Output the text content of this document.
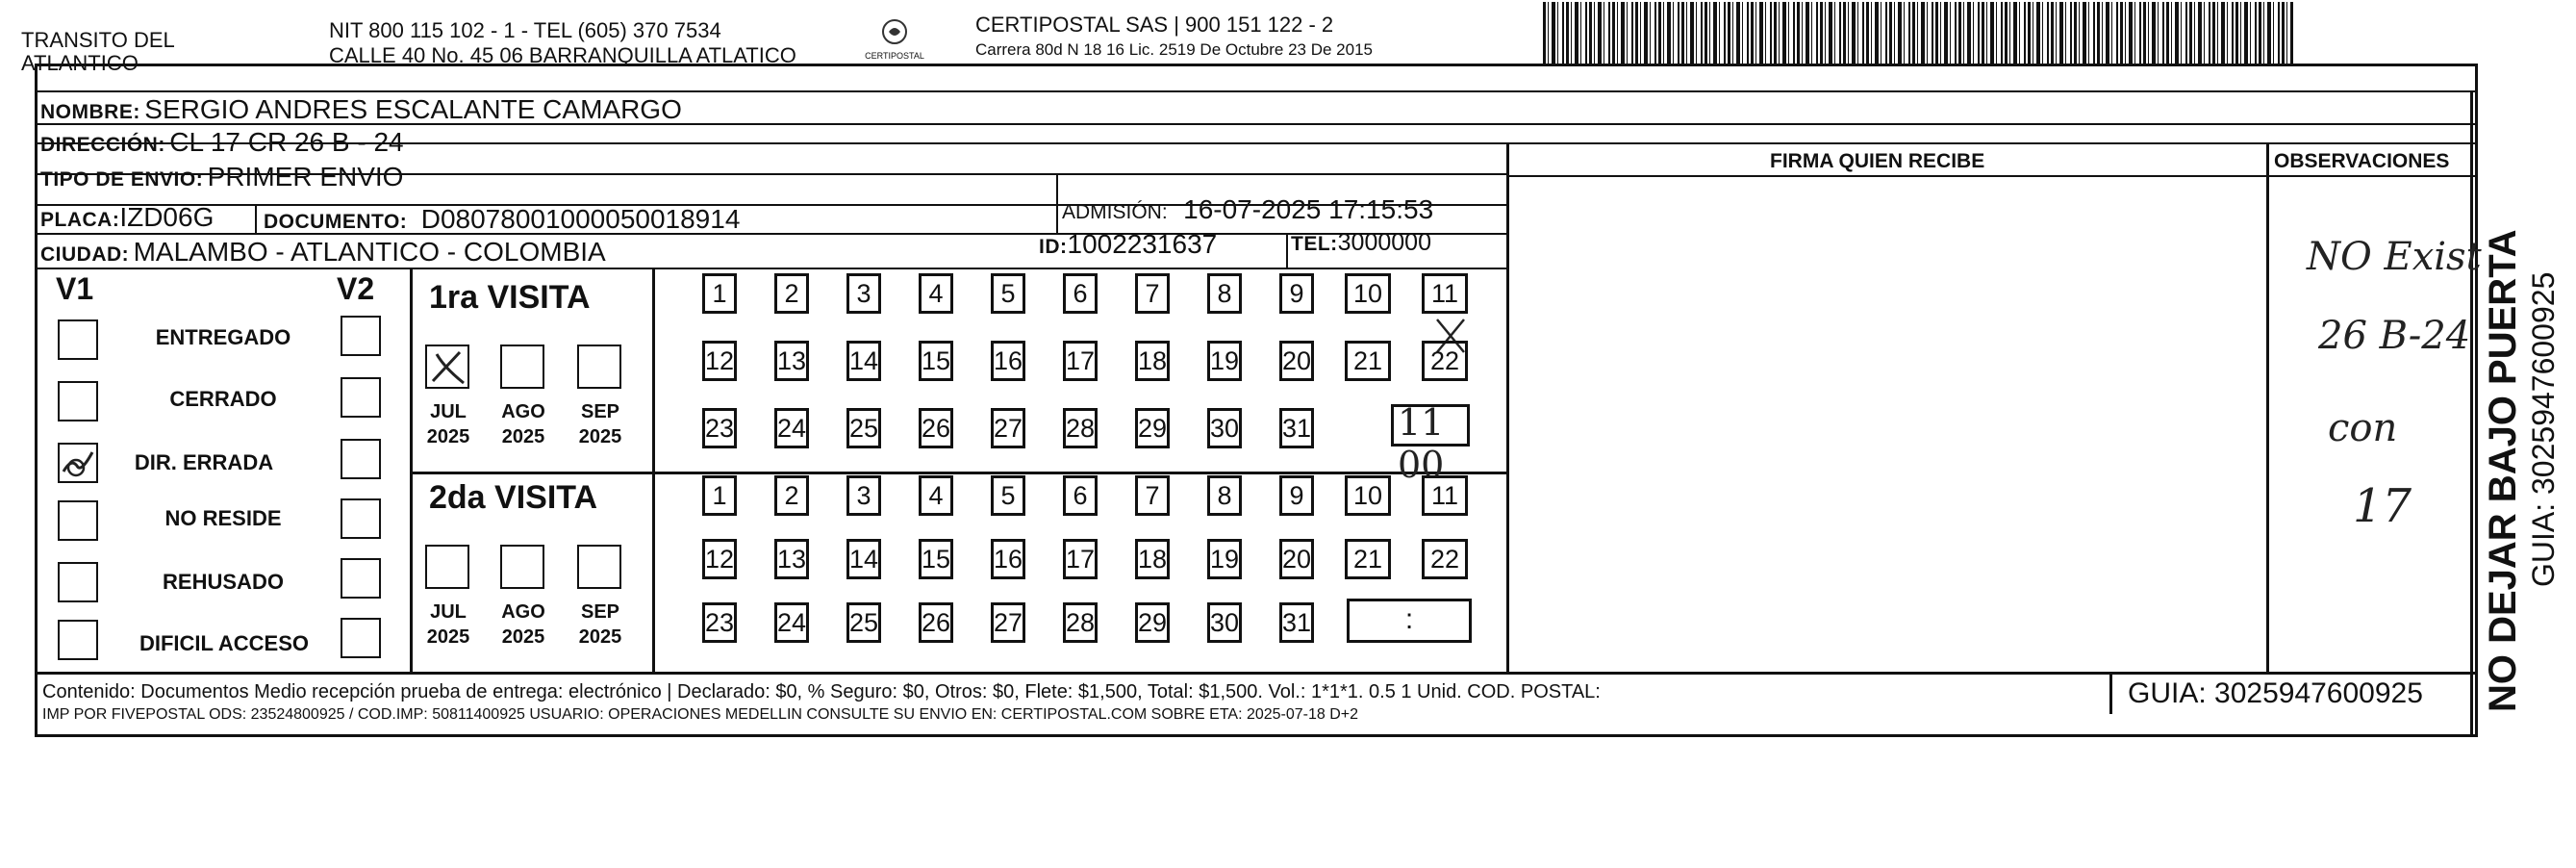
TRANSITO DEL
ATLANTICO
NIT 800 115 102 - 1 - TEL (605) 370 7534
CALLE 40 No. 45 06 BARRANQUILLA ATLATICO	CERTIPOSTAL
CERTIPOSTAL SAS | 900 151 122 - 2
Carrera 80d N 18 16 Lic. 2519 De Octubre 23 De 2015
NOMBRE: SERGIO ANDRES ESCALANTE CAMARGO
DIRECCIÓN: CL 17 CR 26 B - 24
TIPO DE ENVIO: PRIMER ENVIO
FIRMA QUIEN RECIBE	OBSERVACIONES
PLACA:IZD06G DOCUMENTO: D08078001000050018914	ADMISIÓN: 16-07-2025 17:15:53
CIUDAD: MALAMBO - ATLANTICO - COLOMBIA	ID:1002231637	TEL:3000000
V1	V2
ENTREGADO
CERRADO
DIR. ERRADA
NO RESIDE
REHUSADO
DIFICIL ACCESO
1ra VISITA
JUL	AGO	SEP
2025	2025	2025
2da VISITA
JUL	AGO	SEP
2025	2025	2025
11 00
:
NO Exist
26 B-24
con
17
Contenido: Documentos Medio recepción prueba de entrega: electrónico | Declarado: $0, % Seguro: $0, Otros: $0, Flete: $1,500, Total: $1,500. Vol.: 1*1*1. 0.5 1 Unid. COD. POSTAL:
IMP POR FIVEPOSTAL ODS: 23524800925 / COD.IMP: 50811400925 USUARIO: OPERACIONES MEDELLIN CONSULTE SU ENVIO EN: CERTIPOSTAL.COM SOBRE ETA: 2025-07-18 D+2
GUIA: 3025947600925 NO DEJAR BAJO PUERTA GUIA: 3025947600925
1	2	3	4	5	6	7	8	9	10	11
12 13 14 15 16 17 18 19 20	21	22
23 24 25 26 27 28 29 30 31
1	2	3	4	5	6	7	8	9	10	11
12 13 14 15 16 17 18 19 20	21	22
23 24 25 26 27 28 29 30 31
